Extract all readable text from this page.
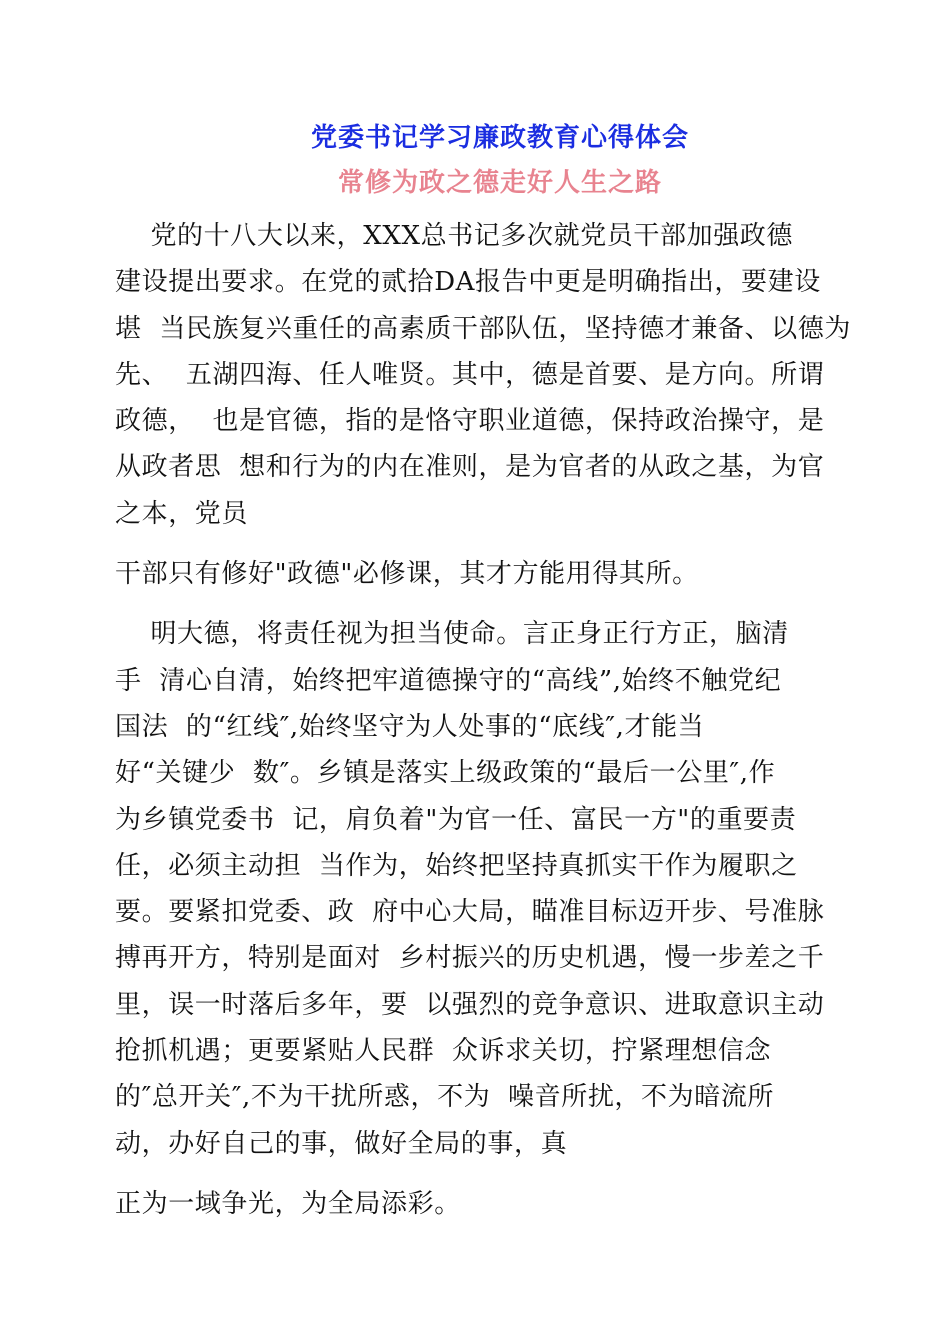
党委书记学习廉政教育心得体会
常修为政之德走好人生之路
党的十八大以来，XXX总书记多次就党员干部加强政德
建设提出要求。在党的贰拾DA报告中更是明确指出，要建设
堪  当民族复兴重任的高素质干部队伍，坚持德才兼备、以德为
先、  五湖四海、任人唯贤。其中，德是首要、是方向。所谓
政德，  也是官德，指的是恪守职业道德，保持政治操守，是
从政者思  想和行为的内在准则，是为官者的从政之基，为官
之本，党员
干部只有修好"政德"必修课，其才方能用得其所。
明大德，将责任视为担当使命。言正身正行方正，脑清
手  清心自清，始终把牢道德操守的“高线”,始终不触党纪
国法  的“红线″,始终坚守为人处事的“底线″,才能当
好“关键少  数″。乡镇是落实上级政策的“最后一公里″,作
为乡镇党委书  记，肩负着"为官一任、富民一方"的重要责
任，必须主动担  当作为，始终把坚持真抓实干作为履职之
要。要紧扣党委、政  府中心大局，瞄准目标迈开步、号准脉
搏再开方，特别是面对  乡村振兴的历史机遇，慢一步差之千
里，误一时落后多年，要  以强烈的竞争意识、进取意识主动
抢抓机遇；更要紧贴人民群  众诉求关切，拧紧理想信念
的″总开关″,不为干扰所惑，不为  噪音所扰，不为暗流所
动，办好自己的事，做好全局的事，真
正为一域争光，为全局添彩。
